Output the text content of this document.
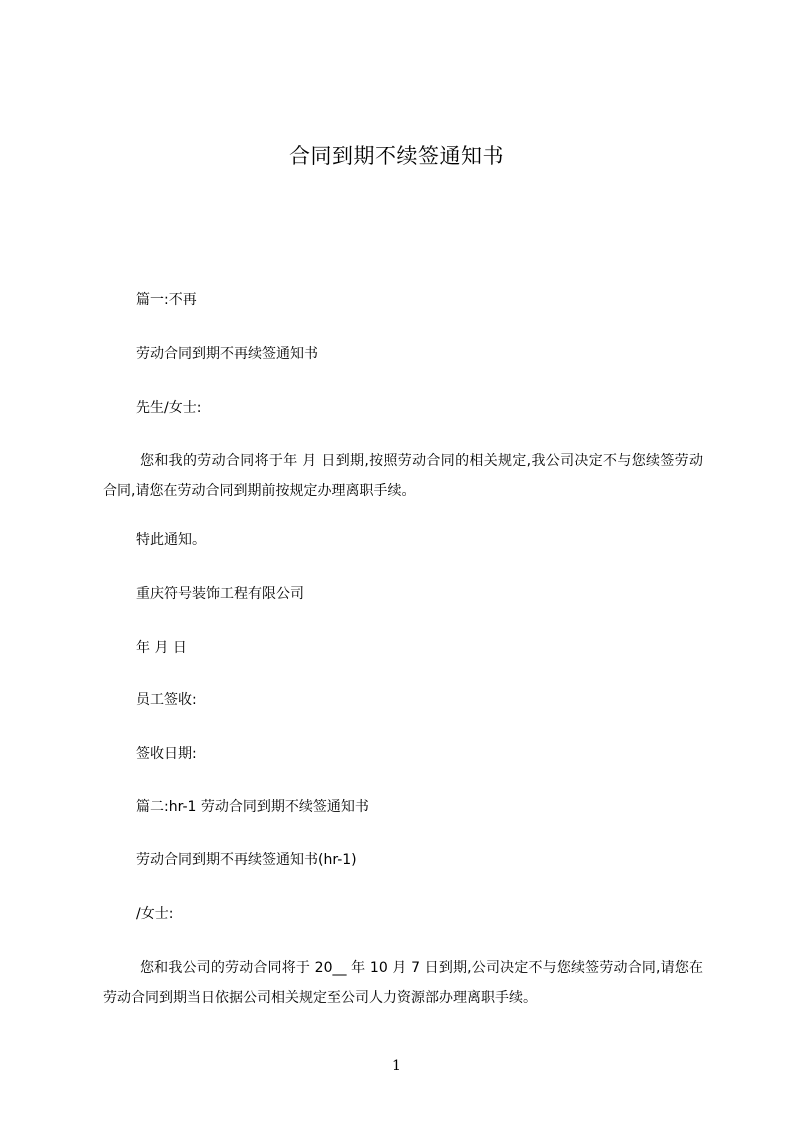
合同到期不续签通知书
篇一:不再
劳动合同到期不再续签通知书
先生/女士:
您和我的劳动合同将于年 月 日到期,按照劳动合同的相关规定,我公司决定不与您续签劳动合同,请您在劳动合同到期前按规定办理离职手续。
特此通知。
重庆符号装饰工程有限公司
年 月 日
员工签收:
签收日期:
篇二:hr-1 劳动合同到期不续签通知书
劳动合同到期不再续签通知书(hr-1)
/女士:
您和我公司的劳动合同将于 20__ 年 10 月 7 日到期,公司决定不与您续签劳动合同,请您在劳动合同到期当日依据公司相关规定至公司人力资源部办理离职手续。
1
